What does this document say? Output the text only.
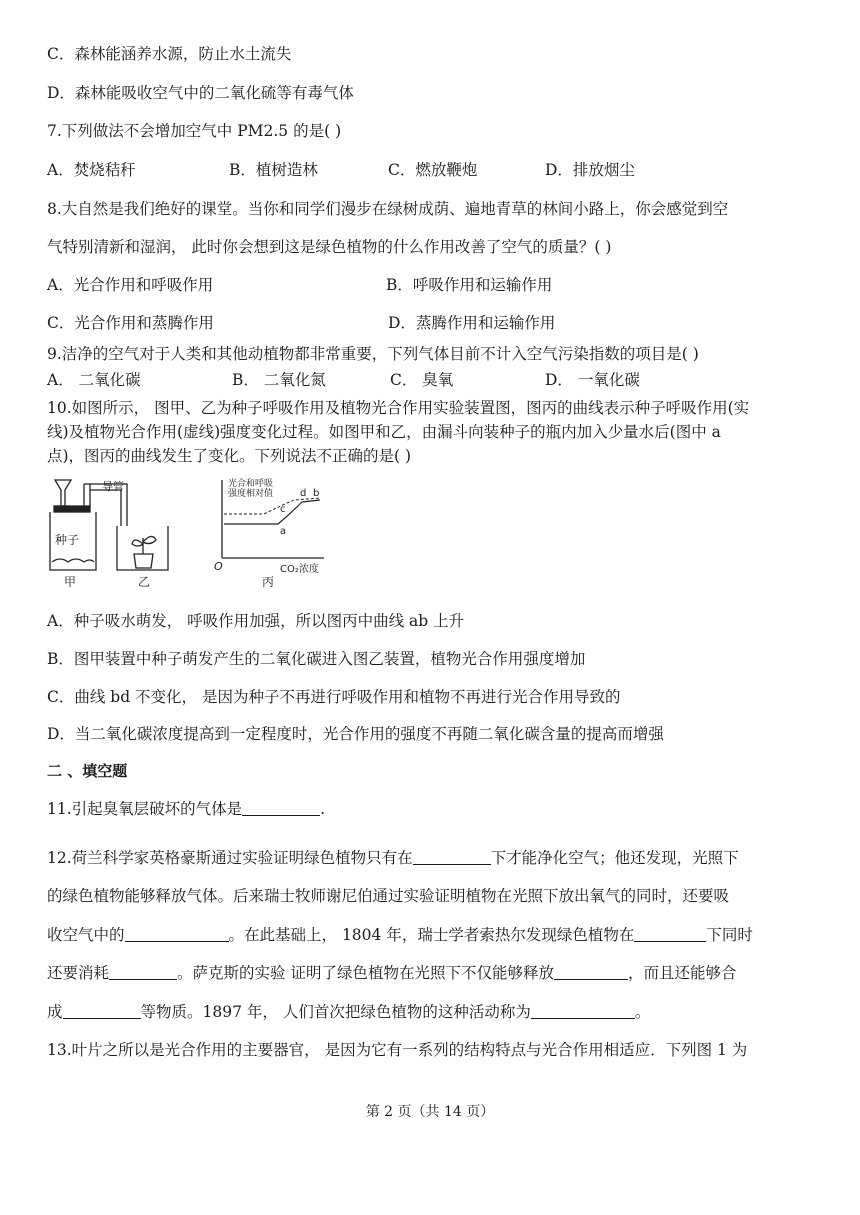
C．森林能涵养水源，防止水土流失
D．森林能吸收空气中的二氧化硫等有毒气体
7.下列做法不会增加空气中 PM2.5 的是( )
A．焚烧秸秆	B．植树造林	C．燃放鞭炮	D．排放烟尘
8.大自然是我们绝好的课堂。当你和同学们漫步在绿树成荫、遍地青草的林间小路上，你会感觉到空
气特别清新和湿润， 此时你会想到这是绿色植物的什么作用改善了空气的质量？( )
A．光合作用和呼吸作用	B．呼吸作用和运输作用
C．光合作用和蒸腾作用	D．蒸腾作用和运输作用
9.洁净的空气对于人类和其他动植物都非常重要，下列气体目前不计入空气污染指数的项目是( )
A． 二氧化碳	B． 二氧化氮	C． 臭氧	D． 一氧化碳
10.如图所示， 图甲、乙为种子呼吸作用及植物光合作用实验装置图，图丙的曲线表示种子呼吸作用(实
线)及植物光合作用(虚线)强度变化过程。如图甲和乙，由漏斗向装种子的瓶内加入少量水后(图中 a
点)，图丙的曲线发生了变化。下列说法不正确的是( )
导管
种子
甲	乙
光合和呼吸
强度相对值
a
b
c
d
O	CO₂浓度
丙
A．种子吸水萌发， 呼吸作用加强，所以图丙中曲线 ab 上升
B．图甲装置中种子萌发产生的二氧化碳进入图乙装置，植物光合作用强度增加
C．曲线 bd 不变化， 是因为种子不再进行呼吸作用和植物不再进行光合作用导致的
D．当二氧化碳浓度提高到一定程度时，光合作用的强度不再随二氧化碳含量的提高而增强
二 、填空题
11.引起臭氧层破坏的气体是	.
12.荷兰科学家英格豪斯通过实验证明绿色植物只有在	下才能净化空气；他还发现，光照下
的绿色植物能够释放气体。后来瑞士牧师谢尼伯通过实验证明植物在光照下放出氧气的同时，还要吸
收空气中的	。在此基础上， 1804 年，瑞士学者索热尔发现绿色植物在	下同时
还要消耗	。萨克斯的实验 证明了绿色植物在光照下不仅能够释放	，而且还能够合
成	等物质。1897 年， 人们首次把绿色植物的这种活动称为	。
13.叶片之所以是光合作用的主要器官， 是因为它有一系列的结构特点与光合作用相适应．下列图 1 为
第 2 页（共 14 页）
